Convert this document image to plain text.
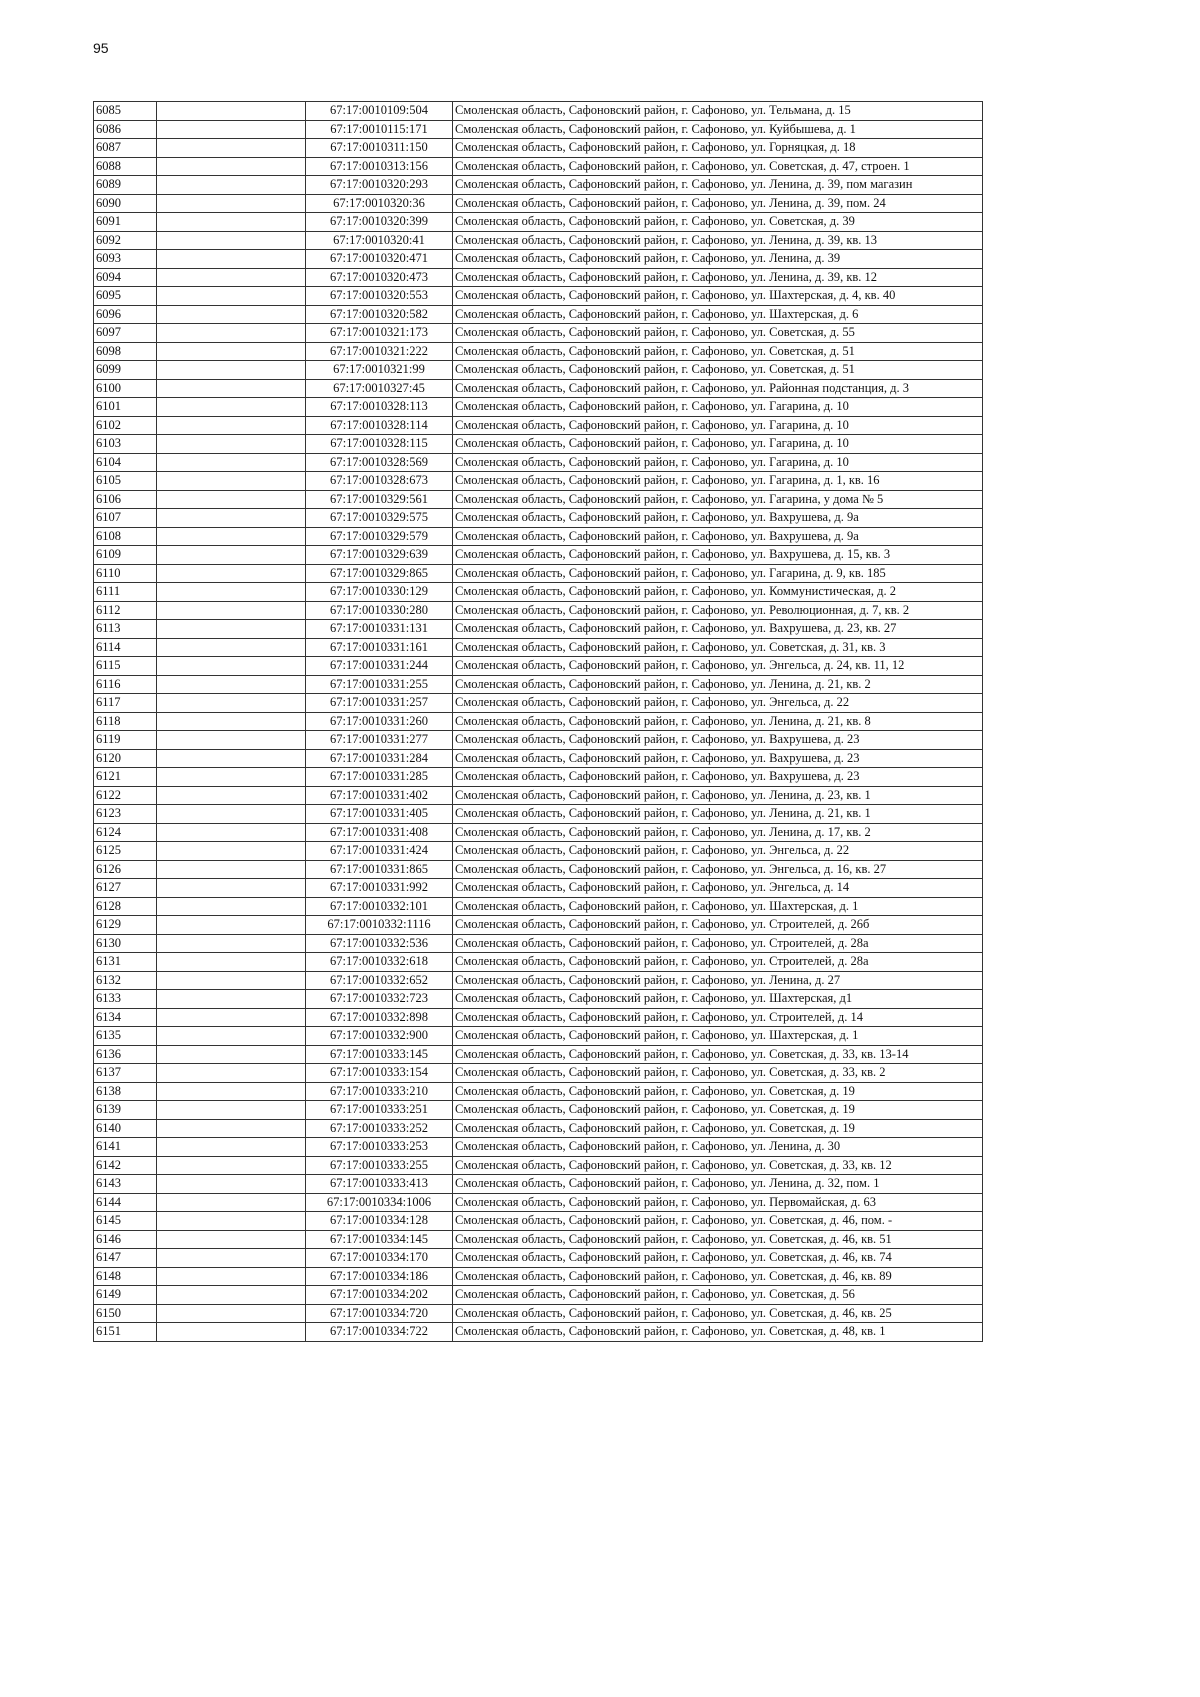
95
6085		67:17:0010109:504	Смоленская область, Сафоновский район, г. Сафоново, ул. Тельмана, д. 15
6086		67:17:0010115:171	Смоленская область, Сафоновский район, г. Сафоново, ул. Куйбышева, д. 1
6087		67:17:0010311:150	Смоленская область, Сафоновский район, г. Сафоново, ул. Горняцкая, д. 18
6088		67:17:0010313:156	Смоленская область, Сафоновский район, г. Сафоново, ул. Советская, д. 47, строен. 1
6089		67:17:0010320:293	Смоленская область, Сафоновский район, г. Сафоново, ул. Ленина, д. 39, пом магазин
6090		67:17:0010320:36	Смоленская область, Сафоновский район, г. Сафоново, ул. Ленина, д. 39, пом. 24
6091		67:17:0010320:399	Смоленская область, Сафоновский район, г. Сафоново, ул. Советская, д. 39
6092		67:17:0010320:41	Смоленская область, Сафоновский район, г. Сафоново, ул. Ленина, д. 39, кв. 13
6093		67:17:0010320:471	Смоленская область, Сафоновский район, г. Сафоново, ул. Ленина, д. 39
6094		67:17:0010320:473	Смоленская область, Сафоновский район, г. Сафоново, ул. Ленина, д. 39, кв. 12
6095		67:17:0010320:553	Смоленская область, Сафоновский район, г. Сафоново, ул. Шахтерская, д. 4, кв. 40
6096		67:17:0010320:582	Смоленская область, Сафоновский район, г. Сафоново, ул. Шахтерская, д. 6
6097		67:17:0010321:173	Смоленская область, Сафоновский район, г. Сафоново, ул. Советская, д. 55
6098		67:17:0010321:222	Смоленская область, Сафоновский район, г. Сафоново, ул. Советская, д. 51
6099		67:17:0010321:99	Смоленская область, Сафоновский район, г. Сафоново, ул. Советская, д. 51
6100		67:17:0010327:45	Смоленская область, Сафоновский район, г. Сафоново, ул. Районная подстанция, д. 3
6101		67:17:0010328:113	Смоленская область, Сафоновский район, г. Сафоново, ул. Гагарина, д. 10
6102		67:17:0010328:114	Смоленская область, Сафоновский район, г. Сафоново, ул. Гагарина, д. 10
6103		67:17:0010328:115	Смоленская область, Сафоновский район, г. Сафоново, ул. Гагарина, д. 10
6104		67:17:0010328:569	Смоленская область, Сафоновский район, г. Сафоново, ул. Гагарина, д. 10
6105		67:17:0010328:673	Смоленская область, Сафоновский район, г. Сафоново, ул. Гагарина, д. 1, кв. 16
6106		67:17:0010329:561	Смоленская область, Сафоновский район, г. Сафоново, ул. Гагарина, у дома № 5
6107		67:17:0010329:575	Смоленская область, Сафоновский район, г. Сафоново, ул. Вахрушева, д. 9а
6108		67:17:0010329:579	Смоленская область, Сафоновский район, г. Сафоново, ул. Вахрушева, д. 9а
6109		67:17:0010329:639	Смоленская область, Сафоновский район, г. Сафоново, ул. Вахрушева, д. 15, кв. 3
6110		67:17:0010329:865	Смоленская область, Сафоновский район, г. Сафоново, ул. Гагарина, д. 9, кв. 185
6111		67:17:0010330:129	Смоленская область, Сафоновский район, г. Сафоново, ул. Коммунистическая, д. 2
6112		67:17:0010330:280	Смоленская область, Сафоновский район, г. Сафоново, ул. Революционная, д. 7, кв. 2
6113		67:17:0010331:131	Смоленская область, Сафоновский район, г. Сафоново, ул. Вахрушева, д. 23, кв. 27
6114		67:17:0010331:161	Смоленская область, Сафоновский район, г. Сафоново, ул. Советская, д. 31, кв. 3
6115		67:17:0010331:244	Смоленская область, Сафоновский район, г. Сафоново, ул. Энгельса, д. 24, кв. 11, 12
6116		67:17:0010331:255	Смоленская область, Сафоновский район, г. Сафоново, ул. Ленина, д. 21, кв. 2
6117		67:17:0010331:257	Смоленская область, Сафоновский район, г. Сафоново, ул. Энгельса, д. 22
6118		67:17:0010331:260	Смоленская область, Сафоновский район, г. Сафоново, ул. Ленина, д. 21, кв. 8
6119		67:17:0010331:277	Смоленская область, Сафоновский район, г. Сафоново, ул. Вахрушева, д. 23
6120		67:17:0010331:284	Смоленская область, Сафоновский район, г. Сафоново, ул. Вахрушева, д. 23
6121		67:17:0010331:285	Смоленская область, Сафоновский район, г. Сафоново, ул. Вахрушева, д. 23
6122		67:17:0010331:402	Смоленская область, Сафоновский район, г. Сафоново, ул. Ленина, д. 23, кв. 1
6123		67:17:0010331:405	Смоленская область, Сафоновский район, г. Сафоново, ул. Ленина, д. 21, кв. 1
6124		67:17:0010331:408	Смоленская область, Сафоновский район, г. Сафоново, ул. Ленина, д. 17, кв. 2
6125		67:17:0010331:424	Смоленская область, Сафоновский район, г. Сафоново, ул. Энгельса, д. 22
6126		67:17:0010331:865	Смоленская область, Сафоновский район, г. Сафоново, ул. Энгельса, д. 16, кв. 27
6127		67:17:0010331:992	Смоленская область, Сафоновский район, г. Сафоново, ул. Энгельса, д. 14
6128		67:17:0010332:101	Смоленская область, Сафоновский район, г. Сафоново, ул. Шахтерская, д. 1
6129		67:17:0010332:1116	Смоленская область, Сафоновский район, г. Сафоново, ул. Строителей, д. 26б
6130		67:17:0010332:536	Смоленская область, Сафоновский район, г. Сафоново, ул. Строителей, д. 28а
6131		67:17:0010332:618	Смоленская область, Сафоновский район, г. Сафоново, ул. Строителей, д. 28а
6132		67:17:0010332:652	Смоленская область, Сафоновский район, г. Сафоново, ул. Ленина, д. 27
6133		67:17:0010332:723	Смоленская область, Сафоновский район, г. Сафоново, ул. Шахтерская, д1
6134		67:17:0010332:898	Смоленская область, Сафоновский район, г. Сафоново, ул. Строителей, д. 14
6135		67:17:0010332:900	Смоленская область, Сафоновский район, г. Сафоново, ул. Шахтерская, д. 1
6136		67:17:0010333:145	Смоленская область, Сафоновский район, г. Сафоново, ул. Советская, д. 33, кв. 13-14
6137		67:17:0010333:154	Смоленская область, Сафоновский район, г. Сафоново, ул. Советская, д. 33, кв. 2
6138		67:17:0010333:210	Смоленская область, Сафоновский район, г. Сафоново, ул. Советская, д. 19
6139		67:17:0010333:251	Смоленская область, Сафоновский район, г. Сафоново, ул. Советская, д. 19
6140		67:17:0010333:252	Смоленская область, Сафоновский район, г. Сафоново, ул. Советская, д. 19
6141		67:17:0010333:253	Смоленская область, Сафоновский район, г. Сафоново, ул. Ленина, д. 30
6142		67:17:0010333:255	Смоленская область, Сафоновский район, г. Сафоново, ул. Советская, д. 33, кв. 12
6143		67:17:0010333:413	Смоленская область, Сафоновский район, г. Сафоново, ул. Ленина, д. 32, пом. 1
6144		67:17:0010334:1006	Смоленская область, Сафоновский район, г. Сафоново, ул. Первомайская, д. 63
6145		67:17:0010334:128	Смоленская область, Сафоновский район, г. Сафоново, ул. Советская, д. 46, пом. -
6146		67:17:0010334:145	Смоленская область, Сафоновский район, г. Сафоново, ул. Советская, д. 46, кв. 51
6147		67:17:0010334:170	Смоленская область, Сафоновский район, г. Сафоново, ул. Советская, д. 46, кв. 74
6148		67:17:0010334:186	Смоленская область, Сафоновский район, г. Сафоново, ул. Советская, д. 46, кв. 89
6149		67:17:0010334:202	Смоленская область, Сафоновский район, г. Сафоново, ул. Советская, д. 56
6150		67:17:0010334:720	Смоленская область, Сафоновский район, г. Сафоново, ул. Советская, д. 46, кв. 25
6151		67:17:0010334:722	Смоленская область, Сафоновский район, г. Сафоново, ул. Советская, д. 48, кв. 1
